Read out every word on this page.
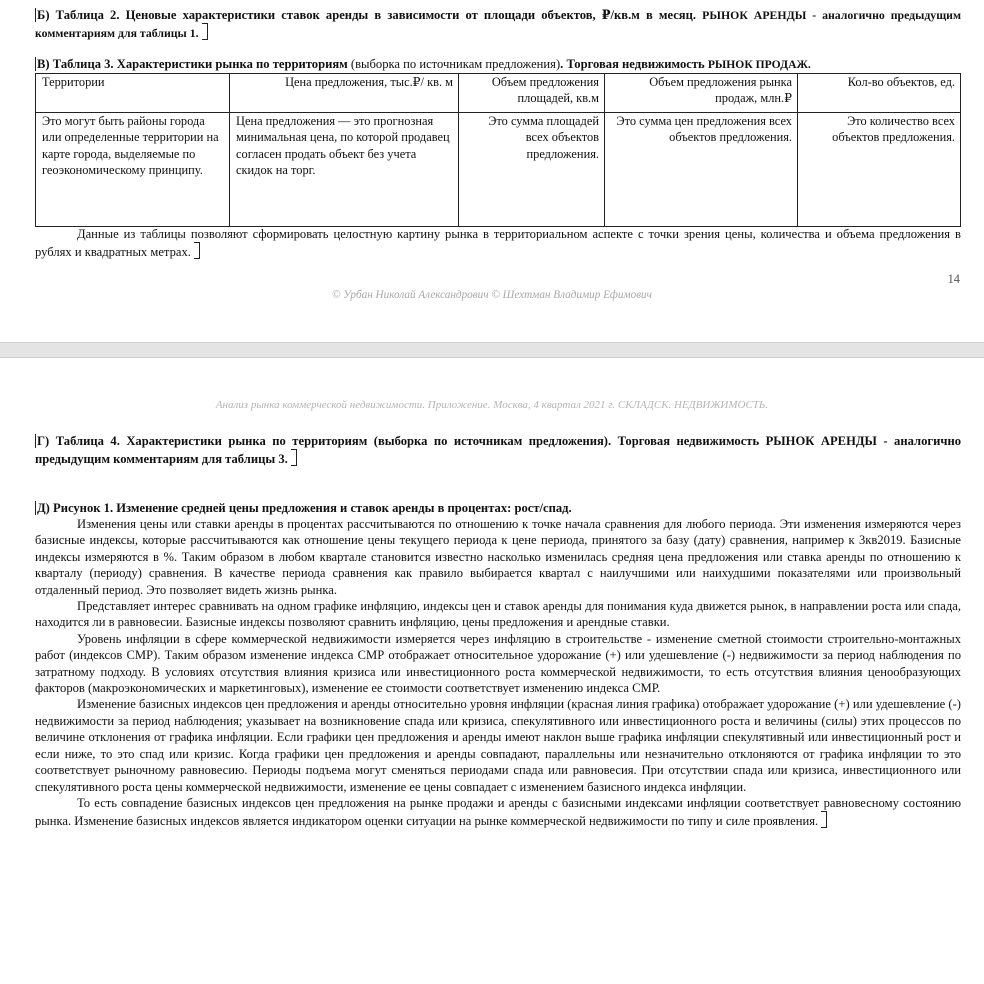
Б) Таблица 2. Ценовые характеристики ставок аренды в зависимости от площади объектов, ₽/кв.м в месяц. РЫНОК АРЕНДЫ - аналогично предыдущим комментариям для таблицы 1.

В) Таблица 3. Характеристики рынка по территориям (выборка по источникам предложения). Торговая недвижимость РЫНОК ПРОДАЖ.

Территории	Цена предложения, тыс.₽/ кв. м	Объем предложения площадей, кв.м	Объем предложения рынка продаж, млн.₽	Кол-во объектов, ед.
Это могут быть районы города или определенные территории на карте города, выделяемые по геоэкономическому принципу.	Цена предложения — это прогнозная минимальная цена, по которой продавец согласен продать объект без учета скидок на торг.	Это сумма площадей всех объектов предложения.	Это сумма цен предложения всех объектов предложения.	Это количество всех объектов предложения.

Данные из таблицы позволяют сформировать целостную картину рынка в территориальном аспекте с точки зрения цены, количества и объема предложения в рублях и квадратных метрах.

14
© Урбан Николай Александрович © Шехтман Владимир Ефимович
Анализ рынка коммерческой недвижимости. Приложение. Москва, 4 квартал 2021 г. СКЛАДСК. НЕДВИЖИМОСТЬ.

Г) Таблица 4. Характеристики рынка по территориям (выборка по источникам предложения). Торговая недвижимость РЫНОК АРЕНДЫ - аналогично предыдущим комментариям для таблицы 3.

Д) Рисунок 1. Изменение средней цены предложения и ставок аренды в процентах: рост/спад.

Изменения цены или ставки аренды в процентах рассчитываются по отношению к точке начала сравнения для любого периода. Эти изменения измеряются через базисные индексы, которые рассчитываются как отношение цены текущего периода к цене периода, принятого за базу (дату) сравнения, например к 3кв2019. Базисные индексы измеряются в %. Таким образом в любом квартале становится известно насколько изменилась средняя цена предложения или ставка аренды по отношению к кварталу (периоду) сравнения. В качестве периода сравнения как правило выбирается квартал с наилучшими или наихудшими показателями или произвольный отдаленный период. Это позволяет видеть жизнь рынка.
Представляет интерес сравнивать на одном графике инфляцию, индексы цен и ставок аренды для понимания куда движется рынок, в направлении роста или спада, находится ли в равновесии. Базисные индексы позволяют сравнить инфляцию, цены предложения и арендные ставки.
Уровень инфляции в сфере коммерческой недвижимости измеряется через инфляцию в строительстве - изменение сметной стоимости строительно-монтажных работ (индексов СМР). Таким образом изменение индекса СМР отображает относительное удорожание (+) или удешевление (-) недвижимости за период наблюдения по затратному подходу. В условиях отсутствия влияния кризиса или инвестиционного роста коммерческой недвижимости, то есть отсутствия влияния ценообразующих факторов (макроэкономических и маркетинговых), изменение ее стоимости соответствует изменению индекса СМР.
Изменение базисных индексов цен предложения и аренды относительно уровня инфляции (красная линия графика) отображает удорожание (+) или удешевление (-) недвижимости за период наблюдения; указывает на возникновение спада или кризиса, спекулятивного или инвестиционного роста и величины (силы) этих процессов по величине отклонения от графика инфляции. Если графики цен предложения и аренды имеют наклон выше графика инфляции спекулятивный или инвестиционный рост и если ниже, то это спад или кризис. Когда графики цен предложения и аренды совпадают, параллельны или незначительно отклоняются от графика инфляции то это соответствует рыночному равновесию. Периоды подъема могут сменяться периодами спада или равновесия. При отсутствии спада или кризиса, инвестиционного или спекулятивного роста цены коммерческой недвижимости, изменение ее цены совпадает с изменением базисного индекса инфляции.
То есть совпадение базисных индексов цен предложения на рынке продажи и аренды с базисными индексами инфляции соответствует равновесному состоянию рынка. Изменение базисных индексов является индикатором оценки ситуации на рынке коммерческой недвижимости по типу и силе проявления.
